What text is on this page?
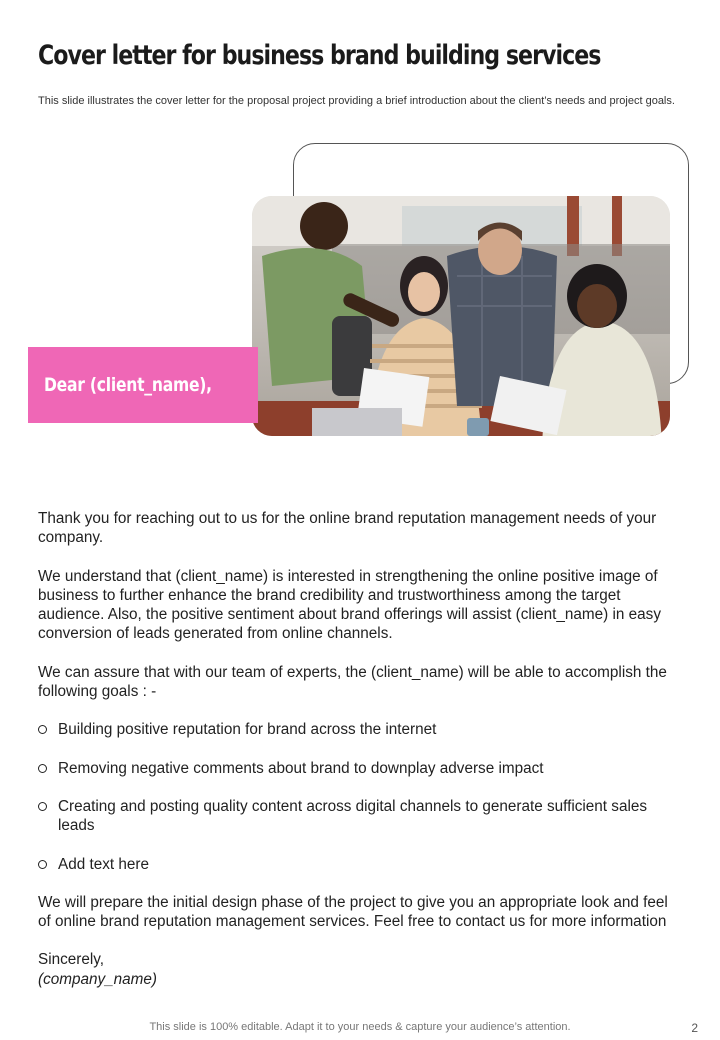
Cover letter for business brand building services
This slide illustrates the cover letter for the proposal project providing a brief introduction about the client’s needs and project goals.
Dear (client_name),

Thank you for reaching out to us for the online brand reputation management needs of your company.

We understand that (client_name) is interested in strengthening the online positive image of business to further enhance the brand credibility and trustworthiness among the target audience. Also, the positive sentiment about brand offerings will assist (client_name) in easy conversion of leads generated from online channels.

We can assure that with our team of experts, the (client_name) will be able to accomplish the following goals : -

Building positive reputation for brand across the internet
Removing negative comments about brand to downplay adverse impact
Creating and posting quality content across digital channels to generate sufficient sales leads
Add text here

We will prepare the initial design phase of the project to give you an appropriate look and feel of online brand reputation management services. Feel free to contact us for more information

Sincerely,

(company_name)

This slide is 100% editable. Adapt it to your needs & capture your audience’s attention.	2
